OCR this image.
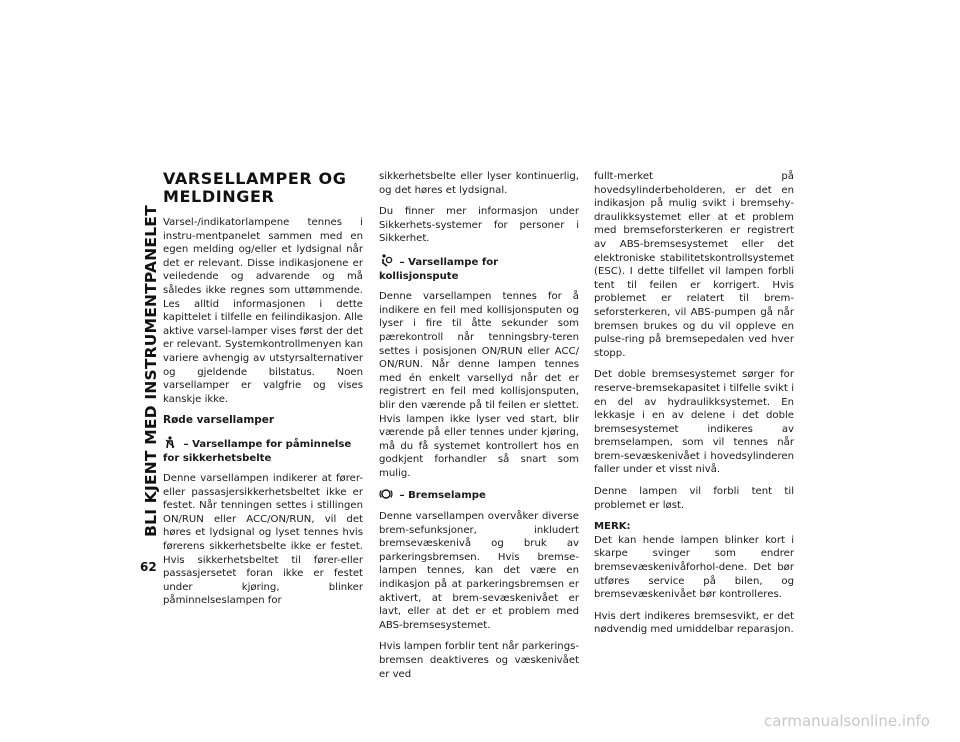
BLI KJENT MED INSTRUMENTPANELET
62
VARSELLAMPER OG MELDINGER

Varsel-/indikatorlampene tennes i instru-mentpanelet sammen med en egen melding og/eller et lydsignal når det er relevant. Disse indikasjonene er veiledende og advarende og må således ikke regnes som uttømmende. Les alltid informasjonen i dette kapittelet i tilfelle en feilindikasjon. Alle aktive varsel-lamper vises først der det er relevant. Systemkontrollmenyen kan variere avhengig av utstyrsalternativer og gjeldende bilstatus. Noen varsellamper er valgfrie og vises kanskje ikke.

Røde varsellamper
– Varsellampe for påminnelse for sikkerhetsbelte

Denne varsellampen indikerer at fører- eller passasjersikkerhetsbeltet ikke er festet. Når tenningen settes i stillingen ON/RUN eller ACC/ON/RUN, vil det høres et lydsignal og lyset tennes hvis førerens sikkerhetsbelte ikke er festet. Hvis sikkerhetsbeltet til fører-eller passasjersetet foran ikke er festet under kjøring, blinker påminnelseslampen for

sikkerhetsbelte eller lyser kontinuerlig, og det høres et lydsignal.

Du finner mer informasjon under Sikkerhets-systemer for personer i Sikkerhet.

– Varsellampe for kollisjonspute

Denne varsellampen tennes for å indikere en feil med kollisjonsputen og lyser i fire til åtte sekunder som pærekontroll når tenningsbry-teren settes i posisjonen ON/RUN eller ACC/ ON/RUN. Når denne lampen tennes med én enkelt varsellyd når det er registrert en feil med kollisjonsputen, blir den værende på til feilen er slettet. Hvis lampen ikke lyser ved start, blir værende på eller tennes under kjøring, må du få systemet kontrollert hos en godkjent forhandler så snart som mulig.

– Bremselampe

Denne varsellampen overvåker diverse brem-sefunksjoner, inkludert bremsevæskenivå og bruk av parkeringsbremsen. Hvis bremse-lampen tennes, kan det være en indikasjon på at parkeringsbremsen er aktivert, at brem-sevæskenivået er lavt, eller at det er et problem med ABS-bremsesystemet.

Hvis lampen forblir tent når parkerings-bremsen deaktiveres og væskenivået er ved

fullt-merket på hovedsylinderbeholderen, er det en indikasjon på mulig svikt i bremsehy-draulikksystemet eller at et problem med bremseforsterkeren er registrert av ABS-bremsesystemet eller det elektroniske stabilitetskontrollsystemet (ESC). I dette tilfellet vil lampen forbli tent til feilen er korrigert. Hvis problemet er relatert til brem-seforsterkeren, vil ABS-pumpen gå når bremsen brukes og du vil oppleve en pulse-ring på bremsepedalen ved hver stopp.

Det doble bremsesystemet sørger for reserve-bremsekapasitet i tilfelle svikt i en del av hydraulikksystemet. En lekkasje i en av delene i det doble bremsesystemet indikeres av bremselampen, som vil tennes når brem-sevæskenivået i hovedsylinderen faller under et visst nivå.

Denne lampen vil forbli tent til problemet er løst.

MERK:
Det kan hende lampen blinker kort i skarpe svinger som endrer bremsevæskenivåforhol-dene. Det bør utføres service på bilen, og bremsevæskenivået bør kontrolleres.

Hvis dert indikeres bremsesvikt, er det nødvendig med umiddelbar reparasjon.

carmanualsonline.info
